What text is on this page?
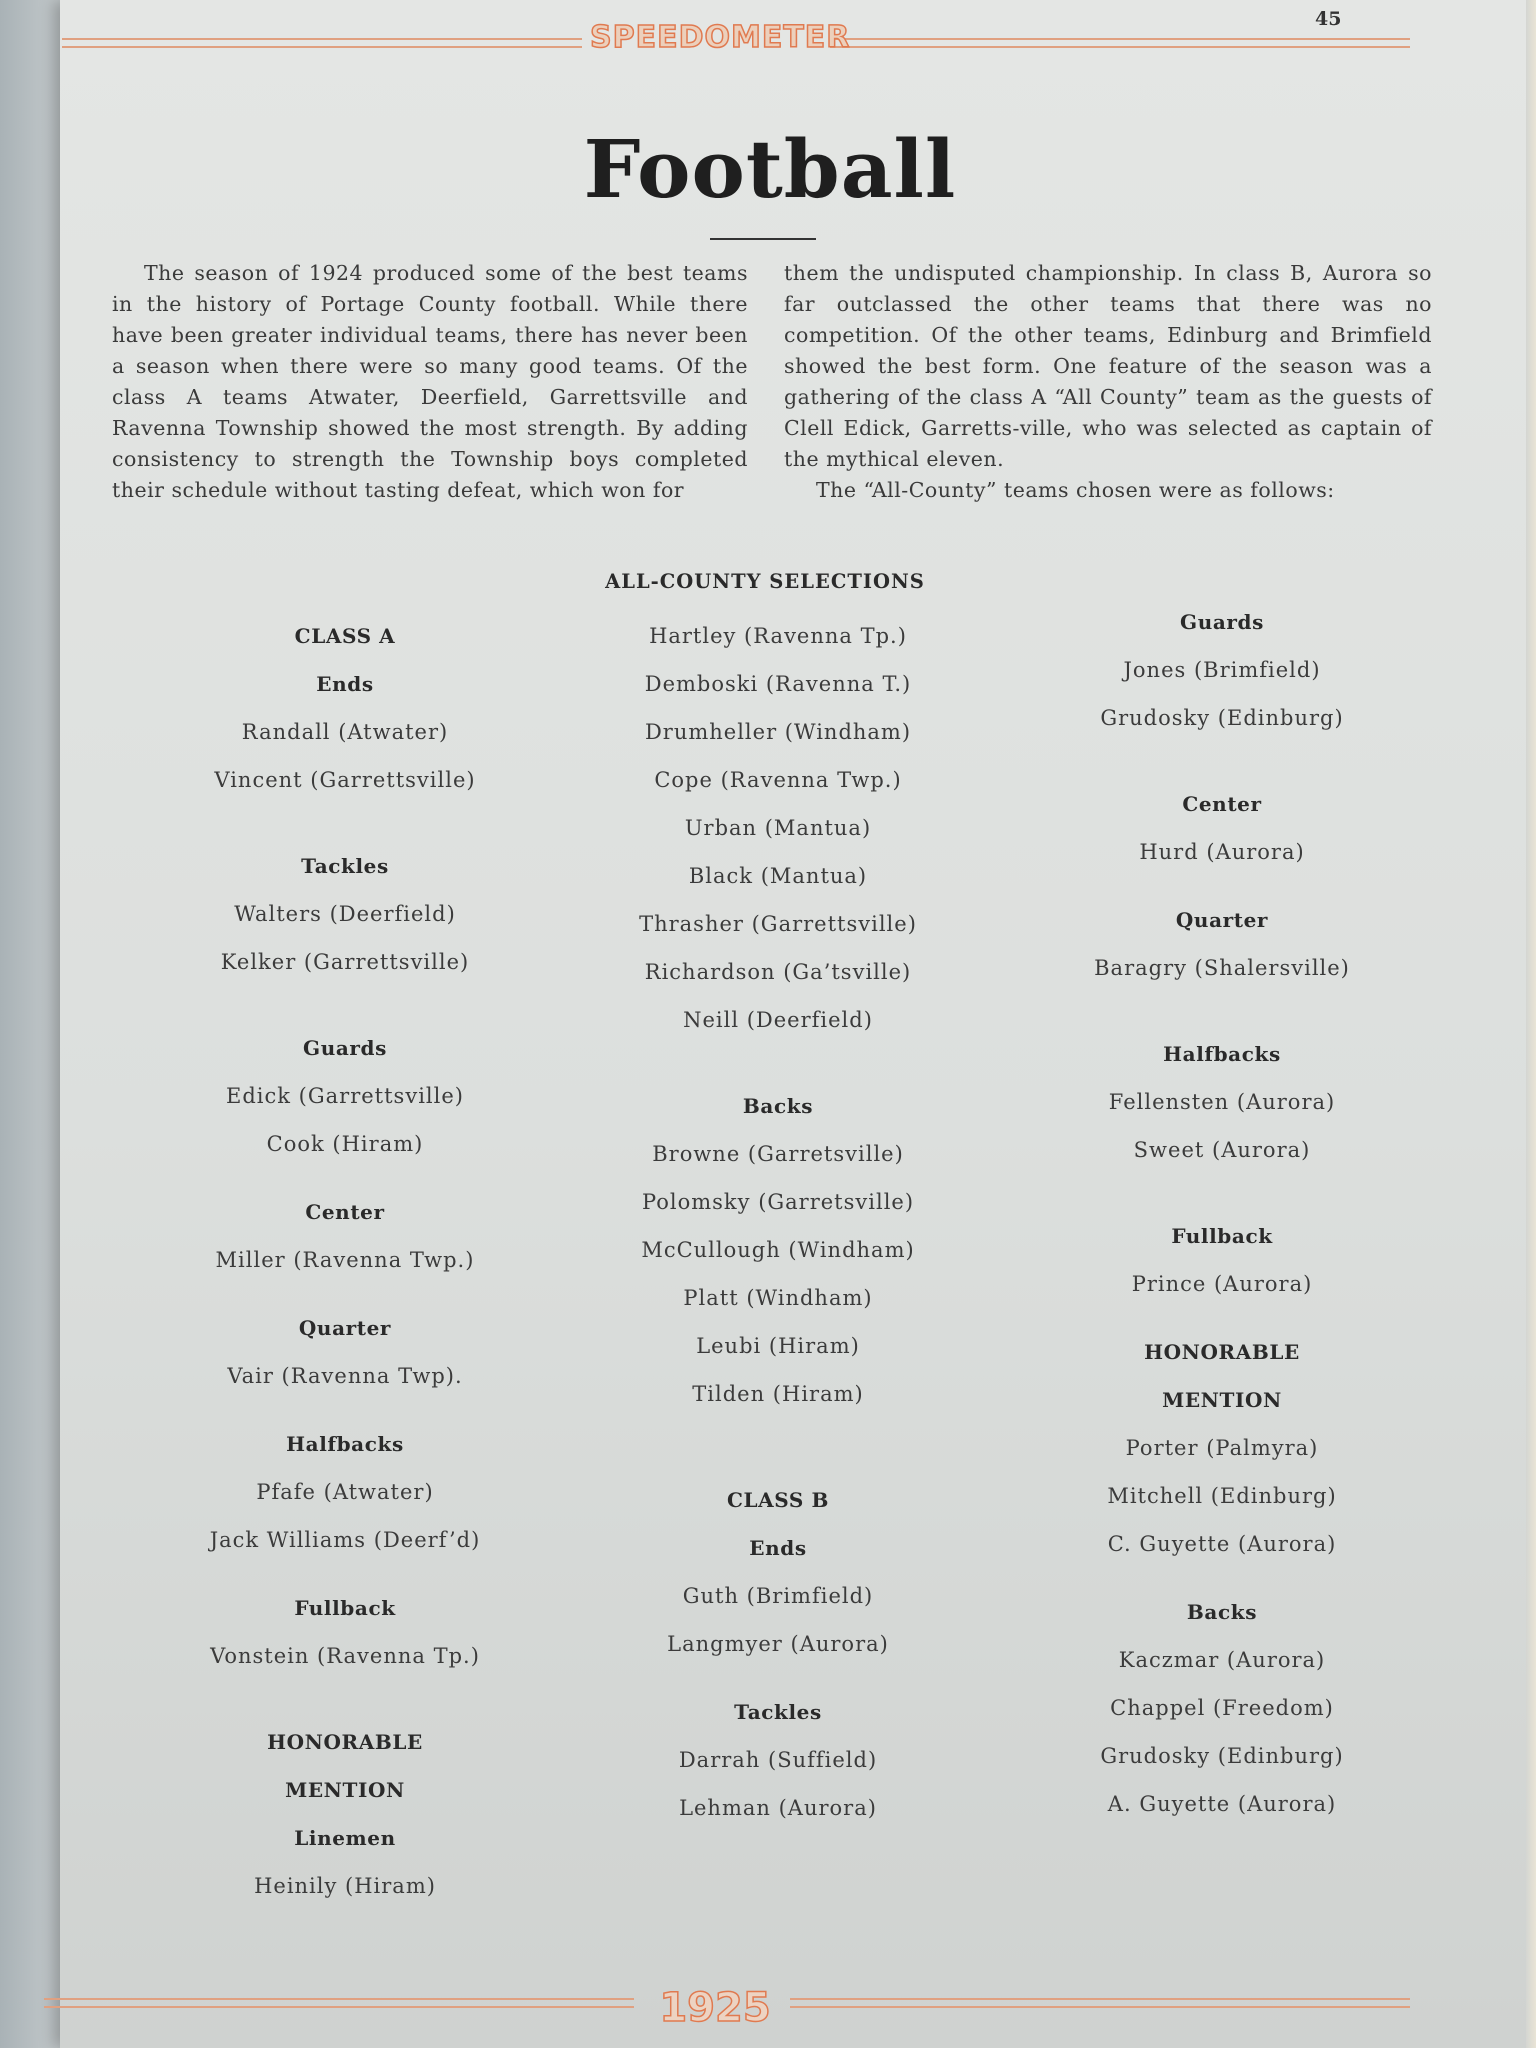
SPEEDOMETER
45
Football

The season of 1924 produced some of the best teams in the history of Portage County football. While there have been greater individual teams, there has never been a season when there were so many good teams. Of the class A teams Atwater, Deerfield, Garrettsville and Ravenna Township showed the most strength. By adding consistency to strength the Township boys completed their schedule without tasting defeat, which won for

them the undisputed championship. In class B, Aurora so far outclassed the other teams that there was no competition. Of the other teams, Edinburg and Brimfield showed the best form. One feature of the season was a gathering of the class A “All County” team as the guests of Clell Edick, Garretts-ville, who was selected as captain of the mythical eleven.

The “All-County” teams chosen were as follows:

ALL-COUNTY SELECTIONS
CLASS A
Ends
Randall (Atwater)
Vincent (Garrettsville)
Tackles
Walters (Deerfield)
Kelker (Garrettsville)
Guards
Edick (Garrettsville)
Cook (Hiram)
Center
Miller (Ravenna Twp.)
Quarter
Vair (Ravenna Twp).
Halfbacks
Pfafe (Atwater)
Jack Williams (Deerf’d)
Fullback
Vonstein (Ravenna Tp.)
HONORABLE
MENTION
Linemen
Heinily (Hiram)
Hartley (Ravenna Tp.)
Demboski (Ravenna T.)
Drumheller (Windham)
Cope (Ravenna Twp.)
Urban (Mantua)
Black (Mantua)
Thrasher (Garrettsville)
Richardson (Ga’tsville)
Neill (Deerfield)
Backs
Browne (Garretsville)
Polomsky (Garretsville)
McCullough (Windham)
Platt (Windham)
Leubi (Hiram)
Tilden (Hiram)
CLASS B
Ends
Guth (Brimfield)
Langmyer (Aurora)
Tackles
Darrah (Suffield)
Lehman (Aurora)
Guards
Jones (Brimfield)
Grudosky (Edinburg)
Center
Hurd (Aurora)
Quarter
Baragry (Shalersville)
Halfbacks
Fellensten (Aurora)
Sweet (Aurora)
Fullback
Prince (Aurora)
HONORABLE
MENTION
Porter (Palmyra)
Mitchell (Edinburg)
C. Guyette (Aurora)
Backs
Kaczmar (Aurora)
Chappel (Freedom)
Grudosky (Edinburg)
A. Guyette (Aurora)
1925
